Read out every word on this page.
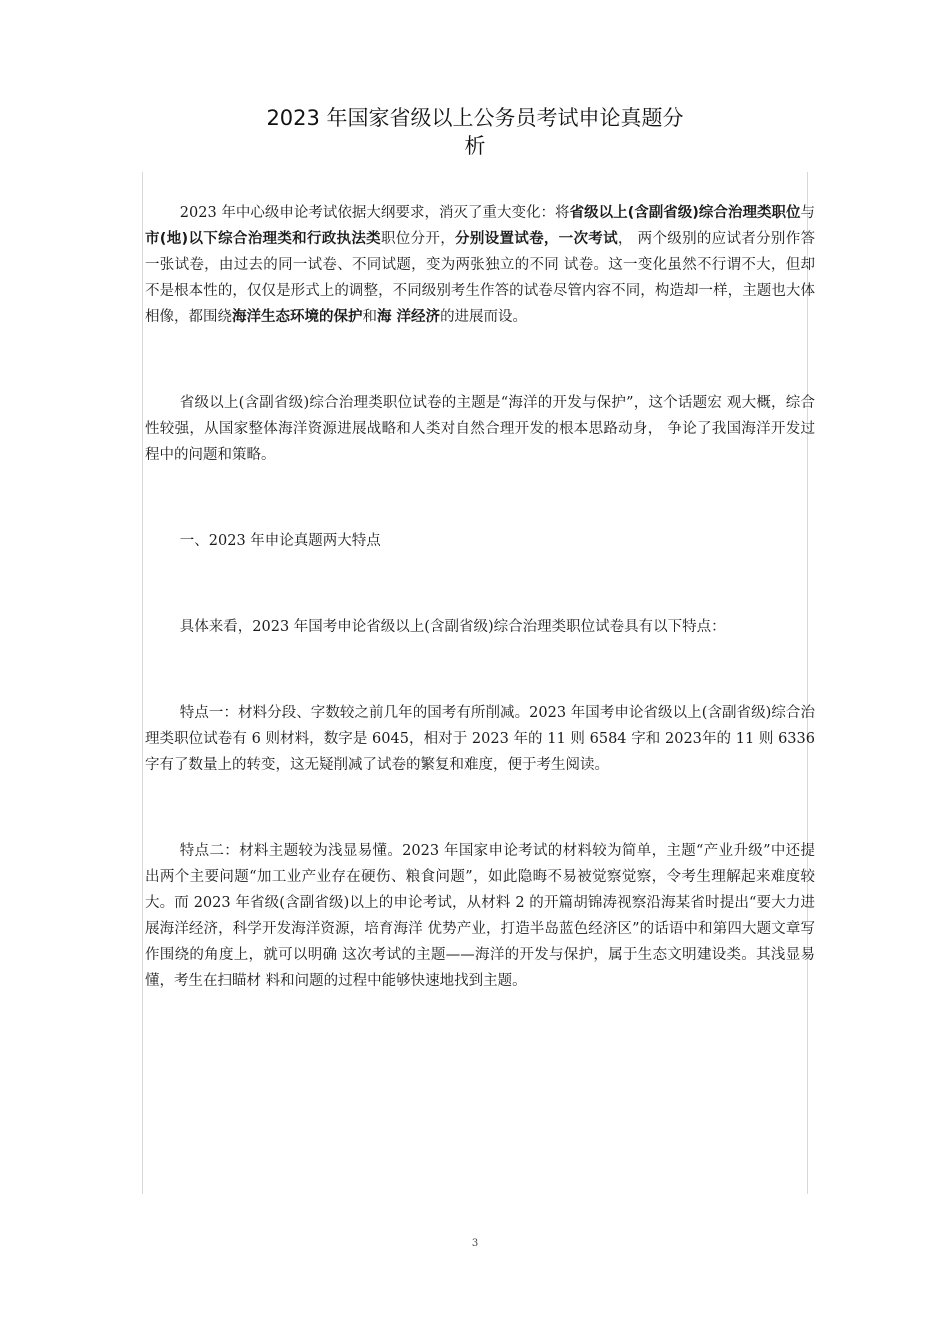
2023 年国家省级以上公务员考试申论真题分
析

2023 年中心级申论考试依据大纲要求，消灭了重大变化：将省级以上(含副省级)综合治理类职位与市(地)以下综合治理类和行政执法类职位分开，分别设置试卷，一次考试， 两个级别的应试者分别作答一张试卷，由过去的同一试卷、不同试题，变为两张独立的不同 试卷。这一变化虽然不行谓不大，但却不是根本性的，仅仅是形式上的调整，不同级别考生作答的试卷尽管内容不同，构造却一样，主题也大体相像，都围绕海洋生态环境的保护和海 洋经济的进展而设。

省级以上(含副省级)综合治理类职位试卷的主题是“海洋的开发与保护”，这个话题宏 观大概，综合性较强，从国家整体海洋资源进展战略和人类对自然合理开发的根本思路动身， 争论了我国海洋开发过程中的问题和策略。

一、2023 年申论真题两大特点

具体来看，2023 年国考申论省级以上(含副省级)综合治理类职位试卷具有以下特点：

特点一：材料分段、字数较之前几年的国考有所削减。2023 年国考申论省级以上(含副省级)综合治理类职位试卷有 6 则材料，数字是 6045，相对于 2023 年的 11 则 6584 字和 2023年的 11 则 6336 字有了数量上的转变，这无疑削减了试卷的繁复和难度，便于考生阅读。

特点二：材料主题较为浅显易懂。2023 年国家申论考试的材料较为简单，主题“产业升级”中还提出两个主要问题“加工业产业存在硬伤、粮食问题”，如此隐晦不易被觉察觉察，令考生理解起来难度较大。而 2023 年省级(含副省级)以上的申论考试，从材料 2 的开篇胡锦涛视察沿海某省时提出“要大力进展海洋经济，科学开发海洋资源，培育海洋 优势产业，打造半岛蓝色经济区”的话语中和第四大题文章写作围绕的角度上，就可以明确 这次考试的主题——海洋的开发与保护，属于生态文明建设类。其浅显易懂，考生在扫瞄材 料和问题的过程中能够快速地找到主题。

3
